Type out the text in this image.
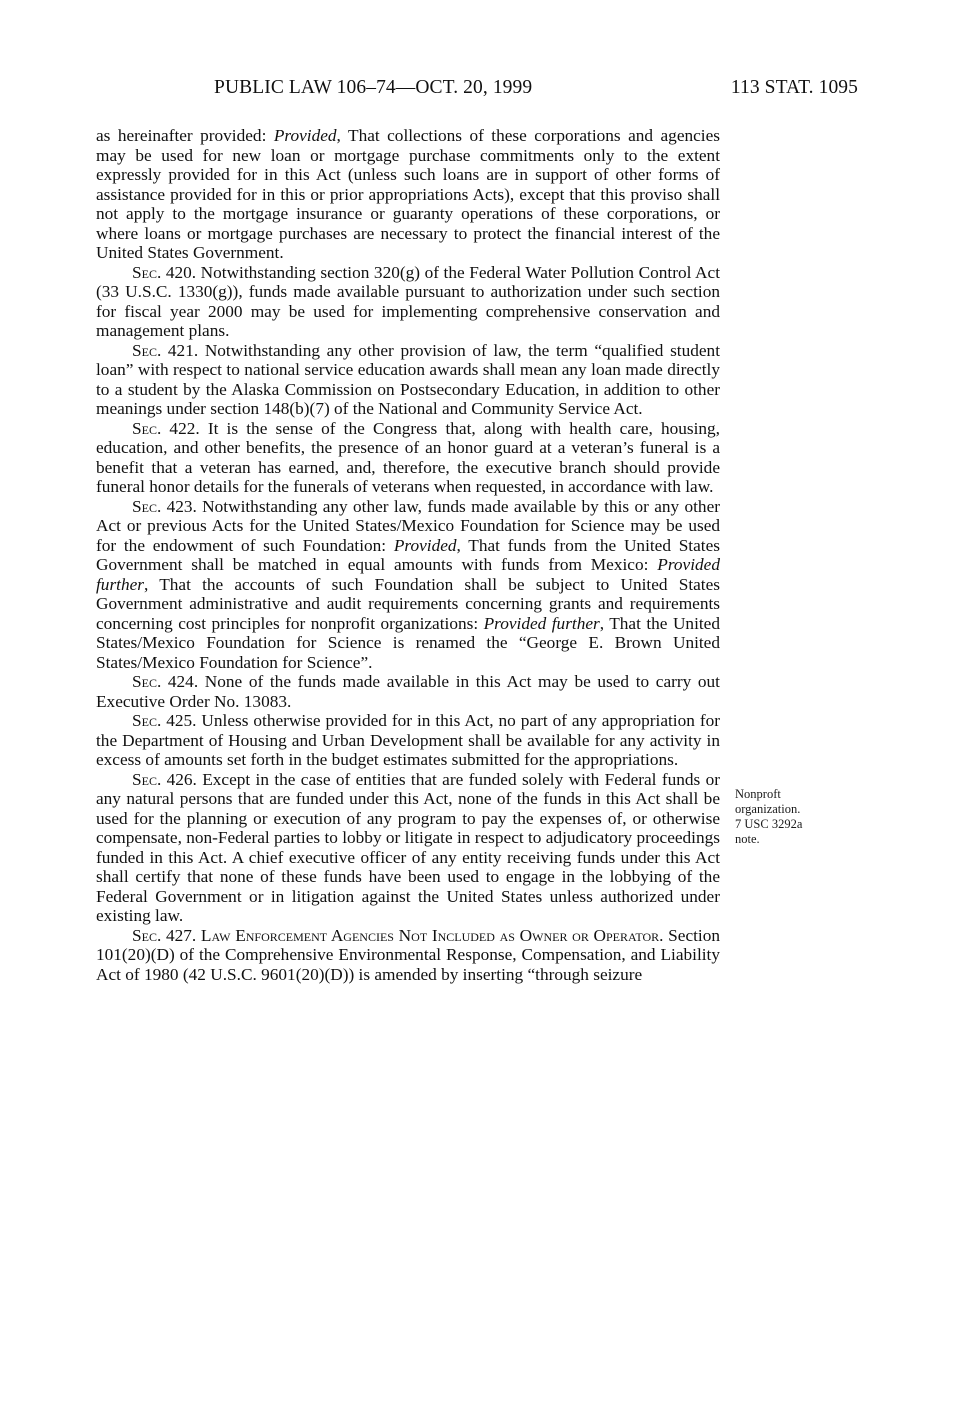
PUBLIC LAW 106–74—OCT. 20, 1999	113 STAT. 1095

as hereinafter provided: Provided, That collections of these corporations and agencies may be used for new loan or mortgage purchase commitments only to the extent expressly provided for in this Act (unless such loans are in support of other forms of assistance provided for in this or prior appropriations Acts), except that this proviso shall not apply to the mortgage insurance or guaranty operations of these corporations, or where loans or mortgage purchases are necessary to protect the financial interest of the United States Government.

Sec. 420. Notwithstanding section 320(g) of the Federal Water Pollution Control Act (33 U.S.C. 1330(g)), funds made available pursuant to authorization under such section for fiscal year 2000 may be used for implementing comprehensive conservation and management plans.

Sec. 421. Notwithstanding any other provision of law, the term “qualified student loan” with respect to national service education awards shall mean any loan made directly to a student by the Alaska Commission on Postsecondary Education, in addition to other meanings under section 148(b)(7) of the National and Community Service Act.

Sec. 422. It is the sense of the Congress that, along with health care, housing, education, and other benefits, the presence of an honor guard at a veteran’s funeral is a benefit that a veteran has earned, and, therefore, the executive branch should provide funeral honor details for the funerals of veterans when requested, in accordance with law.

Sec. 423. Notwithstanding any other law, funds made available by this or any other Act or previous Acts for the United States/Mexico Foundation for Science may be used for the endowment of such Foundation: Provided, That funds from the United States Government shall be matched in equal amounts with funds from Mexico: Provided further, That the accounts of such Foundation shall be subject to United States Government administrative and audit requirements concerning grants and requirements concerning cost principles for nonprofit organizations: Provided further, That the United States/Mexico Foundation for Science is renamed the “George E. Brown United States/Mexico Foundation for Science”.

Sec. 424. None of the funds made available in this Act may be used to carry out Executive Order No. 13083.

Sec. 425. Unless otherwise provided for in this Act, no part of any appropriation for the Department of Housing and Urban Development shall be available for any activity in excess of amounts set forth in the budget estimates submitted for the appropriations.

Sec. 426. Except in the case of entities that are funded solely with Federal funds or any natural persons that are funded under this Act, none of the funds in this Act shall be used for the planning or execution of any program to pay the expenses of, or otherwise compensate, non-Federal parties to lobby or litigate in respect to adjudicatory proceedings funded in this Act. A chief executive officer of any entity receiving funds under this Act shall certify that none of these funds have been used to engage in the lobbying of the Federal Government or in litigation against the United States unless authorized under existing law.

Sec. 427. Law Enforcement Agencies Not Included as Owner or Operator. Section 101(20)(D) of the Comprehensive Environmental Response, Compensation, and Liability Act of 1980 (42 U.S.C. 9601(20)(D)) is amended by inserting “through seizure

Nonproft
organization.
7 USC 3292a
note.
